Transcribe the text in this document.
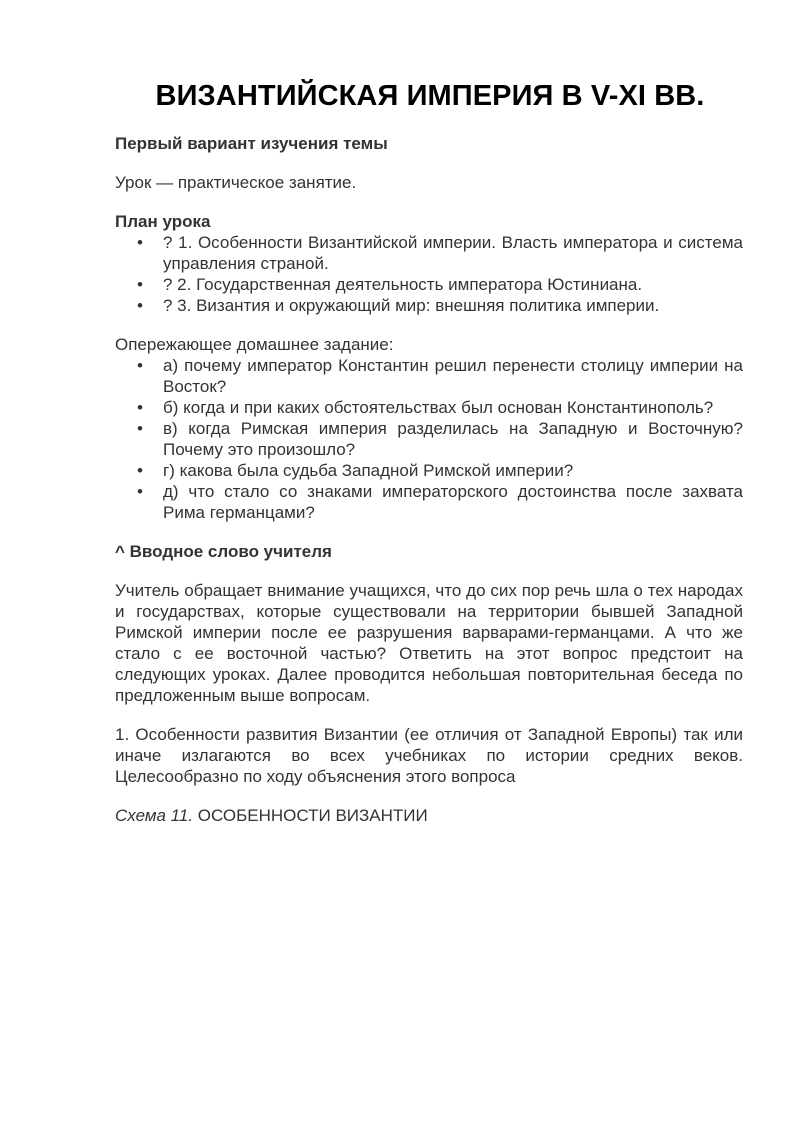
ВИЗАНТИЙСКАЯ ИМПЕРИЯ В V-XI ВВ.

Первый вариант изучения темы

Урок — практическое занятие.

План урока

• ? 1. Особенности Византийской империи. Власть императора и система управления страной.
• ? 2. Государственная деятельность императора Юстиниана.
• ? 3. Византия и окружающий мир: внешняя политика империи.

Опережающее домашнее задание:

• а) почему император Константин решил перенести столицу империи на Восток?
• б) когда и при каких обстоятельствах был основан Константинополь?
• в) когда Римская империя разделилась на Западную и Восточную? Почему это произошло?
• г) какова была судьба Западной Римской империи?
• д) что стало со знаками императорского достоинства после захвата Рима германцами?

^ Вводное слово учителя

Учитель обращает внимание учащихся, что до сих пор речь шла о тех народах и государствах, которые существовали на территории бывшей Западной Римской империи после ее разрушения варварами-германцами. А что же стало с ее восточной частью? Ответить на этот вопрос предстоит на следующих уроках. Далее проводится небольшая повторительная беседа по предложенным выше вопросам.

1. Особенности развития Византии (ее отличия от Западной Европы) так или иначе излагаются во всех учебниках по истории средних веков. Целесообразно по ходу объяснения этого вопроса

Схема 11. ОСОБЕННОСТИ ВИЗАНТИИ
